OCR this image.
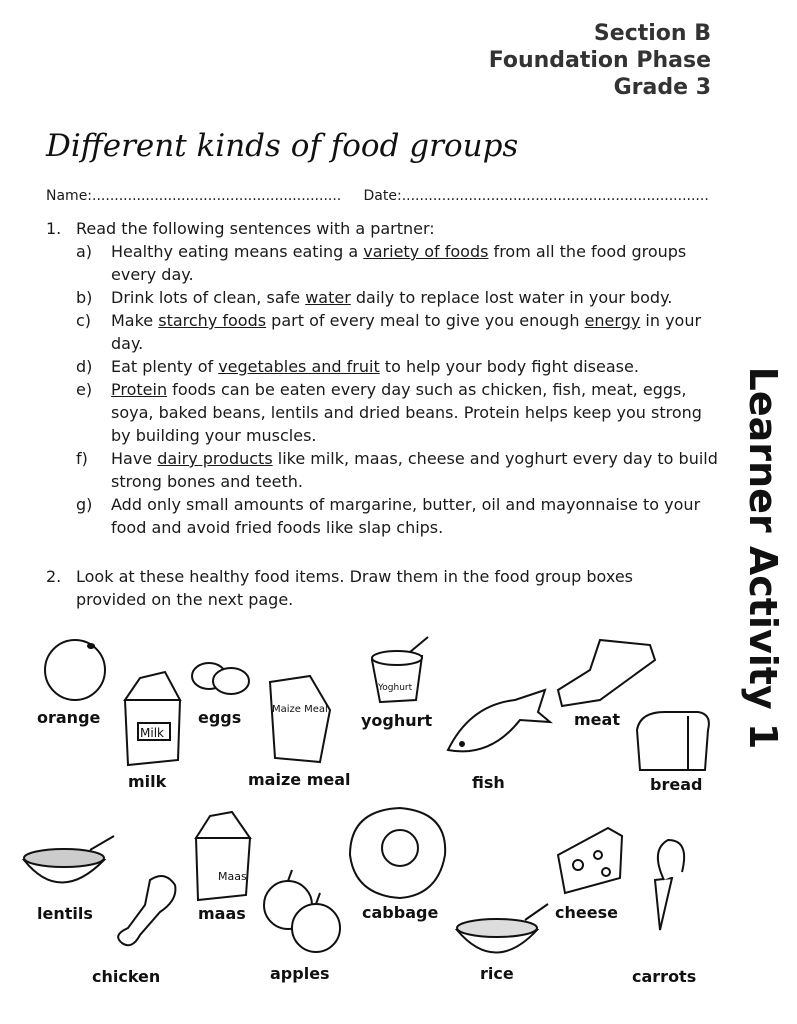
Section B
Foundation Phase
Grade 3
Different kinds of food groups
Name:........................................................ Date:.....................................................................
1. Read the following sentences with a partner:
a) Healthy eating means eating a variety of foods from all the food groups every day.
b) Drink lots of clean, safe water daily to replace lost water in your body.
c) Make starchy foods part of every meal to give you enough energy in your day.
d) Eat plenty of vegetables and fruit to help your body fight disease.
e) Protein foods can be eaten every day such as chicken, fish, meat, eggs, soya, baked beans, lentils and dried beans. Protein helps keep you strong by building your muscles.
f) Have dairy products like milk, maas, cheese and yoghurt every day to build strong bones and teeth.
g) Add only small amounts of margarine, butter, oil and mayonnaise to your food and avoid fried foods like slap chips.
2. Look at these healthy food items. Draw them in the food group boxes provided on the next page.	Learner Activity 1
Milk
Maize Meal
Yoghurt
Maas
orange	eggs	yoghurt	meat
milk	maize meal	fish	bread
lentils	maas	cabbage	cheese
chicken	apples	rice	carrots
